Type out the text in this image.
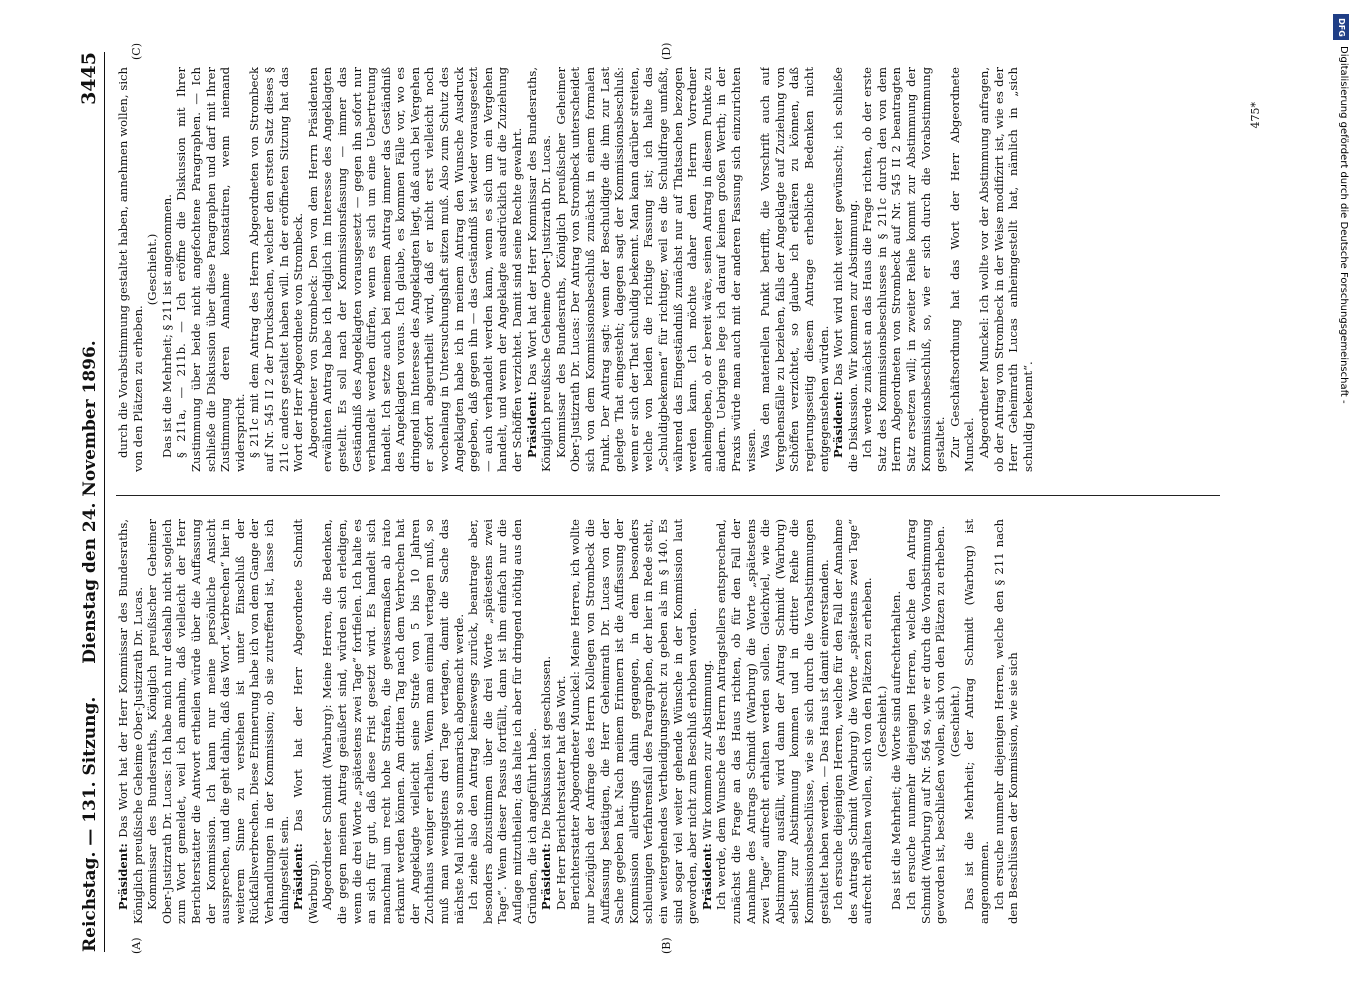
Reichstag. — 131. Sitzung.
Dienstag den 24. November 1896.
3445
(A)	(B)
(C)	(D)

Präsident: Das Wort hat der Herr Kommissar des Bundesraths, Königlich preußische Geheime Ober-Justizrath Dr. Lucas. Kommissar des Bundesraths, Königlich preußischer Geheimer Ober-Justizrath Dr. Lucas: Ich habe mich nur deshalb nicht sogleich zum Wort gemeldet, weil ich annahm, daß vielleicht der Herr Berichterstatter die Antwort ertheilen würde über die Auffassung der Kommission. Ich kann nur meine persönliche Ansicht aussprechen, und die geht dahin, daß das Wort „Verbrechen“ hier in weiterem Sinne zu verstehen ist unter Einschluß der Rückfallsverbrechen. Diese Erinnerung habe ich von dem Gange der Verhandlungen in der Kommission; ob sie zutreffend ist, lasse ich dahingestellt sein. Präsident: Das Wort hat der Herr Abgeordnete Schmidt (Warburg). Abgeordneter Schmidt (Warburg): Meine Herren, die Bedenken, die gegen meinen Antrag geäußert sind, würden sich erledigen, wenn die drei Worte „spätestens zwei Tage“ fortfielen. Ich halte es an sich für gut, daß diese Frist gesetzt wird. Es handelt sich manchmal um recht hohe Strafen, die gewissermaßen ab irato erkannt werden können. Am dritten Tag nach dem Verbrechen hat der Angeklagte vielleicht seine Strafe von 5 bis 10 Jahren Zuchthaus weniger erhalten. Wenn man einmal vertagen muß, so muß man wenigstens drei Tage vertagen, damit die Sache das nächste Mal nicht so summarisch abgemacht werde. Ich ziehe also den Antrag keineswegs zurück, beantrage aber, besonders abzustimmen über die drei Worte „spätestens zwei Tage“. Wenn dieser Passus fortfällt, dann ist ihm einfach nur die Auflage mitzutheilen; das halte ich aber für dringend nöthig aus den Gründen, die ich angeführt habe. Präsident: Die Diskussion ist geschlossen. Der Herr Berichterstatter hat das Wort. Berichterstatter Abgeordneter Munckel: Meine Herren, ich wollte nur bezüglich der Anfrage des Herrn Kollegen von Strombeck die Auffassung bestätigen, die Herr Geheimrath Dr. Lucas von der Sache gegeben hat. Nach meinem Erinnern ist die Auffassung der Kommission allerdings dahin gegangen, in dem besonders schleunigen Verfahrensfall des Paragraphen, der hier in Rede steht, ein weitergehendes Vertheidigungsrecht zu geben als im § 140. Es sind sogar viel weiter gehende Wünsche in der Kommission laut geworden, aber nicht zum Beschluß erhoben worden. Präsident: Wir kommen zur Abstimmung. Ich werde, dem Wunsche des Herrn Antragstellers entsprechend, zunächst die Frage an das Haus richten, ob für den Fall der Annahme des Antrags Schmidt (Warburg) die Worte „spätestens zwei Tage“ aufrecht erhalten werden sollen. Gleichviel, wie die Abstimmung ausfällt, wird dann der Antrag Schmidt (Warburg) selbst zur Abstimmung kommen und in dritter Reihe die Kommissionsbeschlüsse, wie sie sich durch die Vorabstimmungen gestaltet haben werden. — Das Haus ist damit einverstanden. Ich ersuche diejenigen Herren, welche für den Fall der Annahme des Antrags Schmidt (Warburg) die Worte „spätestens zwei Tage“ aufrecht erhalten wollen, sich von den Plätzen zu erheben. (Geschieht.) Das ist die Mehrheit; die Worte sind aufrechterhalten. Ich ersuche nunmehr diejenigen Herren, welche den Antrag Schmidt (Warburg) auf Nr. 564 so, wie er durch die Vorabstimmung geworden ist, beschließen wollen, sich von den Plätzen zu erheben. (Geschieht.) Das ist die Mehrheit; der Antrag Schmidt (Warburg) ist angenommen. Ich ersuche nunmehr diejenigen Herren, welche den § 211 nach den Beschlüssen der Kommission, wie sie sich

durch die Vorabstimmung gestaltet haben, annehmen wollen, sich von den Plätzen zu erheben.

(Geschieht.) Das ist die Mehrheit; § 211 ist angenommen. § 211a, — 211b. — Ich eröffne die Diskussion mit Ihrer Zustimmung über beide nicht angefochtene Paragraphen. — Ich schließe die Diskussion über diese Paragraphen und darf mit Ihrer Zustimmung deren Annahme konstatiren, wenn niemand widerspricht. § 211c mit dem Antrag des Herrn Abgeordneten von Strombeck auf Nr. 545 II 2 der Drucksachen, welcher den ersten Satz dieses § 211c anders gestaltet haben will. In der eröffneten Sitzung hat das Wort der Herr Abgeordnete von Strombeck. Abgeordneter von Strombeck: Den von dem Herrn Präsidenten erwähnten Antrag habe ich lediglich im Interesse des Angeklagten gestellt. Es soll nach der Kommissionsfassung — immer das Geständniß des Angeklagten vorausgesetzt — gegen ihn sofort nur verhandelt werden dürfen, wenn es sich um eine Uebertretung handelt. Ich setze auch bei meinem Antrag immer das Geständniß des Angeklagten voraus. Ich glaube, es kommen Fälle vor, wo es dringend im Interesse des Angeklagten liegt, daß auch bei Vergehen er sofort abgeurtheilt wird, daß er nicht erst vielleicht noch wochenlang in Untersuchungshaft sitzen muß. Also zum Schutz des Angeklagten habe ich in meinem Antrag den Wunsche Ausdruck gegeben, daß gegen ihn — das Geständniß ist wieder vorausgesetzt — auch verhandelt werden kann, wenn es sich um ein Vergehen handelt, und wenn der Angeklagte ausdrücklich auf die Zuziehung der Schöffen verzichtet. Damit sind seine Rechte gewahrt. Präsident: Das Wort hat der Herr Kommissar des Bundesraths, Königlich preußische Geheime Ober-Justizrath Dr. Lucas. Kommissar des Bundesraths, Königlich preußischer Geheimer Ober-Justizrath Dr. Lucas: Der Antrag von Strombeck unterscheidet sich von dem Kommissionsbeschluß zunächst in einem formalen Punkt. Der Antrag sagt: wenn der Beschuldigte die ihm zur Last gelegte That eingesteht; dagegen sagt der Kommissionsbeschluß: wenn er sich der That schuldig bekennt. Man kann darüber streiten, welche von beiden die richtige Fassung ist; ich halte das „Schuldigbekennen“ für richtiger, weil es die Schuldfrage umfaßt, während das Eingeständniß zunächst nur auf Thatsachen bezogen werden kann. Ich möchte daher dem Herrn Vorredner anheimgeben, ob er bereit wäre, seinen Antrag in diesem Punkte zu ändern. Uebrigens lege ich darauf keinen großen Werth; in der Praxis würde man auch mit der anderen Fassung sich einzurichten wissen. Was den materiellen Punkt betrifft, die Vorschrift auch auf Vergehensfälle zu beziehen, falls der Angeklagte auf Zuziehung von Schöffen verzichtet, so glaube ich erklären zu können, daß regierungsseitig diesem Antrage erhebliche Bedenken nicht entgegenstehen würden. Präsident: Das Wort wird nicht weiter gewünscht; ich schließe die Diskussion. Wir kommen zur Abstimmung. Ich werde zunächst an das Haus die Frage richten, ob der erste Satz des Kommissionsbeschlusses in § 211c durch den von dem Herrn Abgeordneten von Strombeck auf Nr. 545 II 2 beantragten Satz ersetzen will; in zweiter Reihe kommt zur Abstimmung der Kommissionsbeschluß, so, wie er sich durch die Vorabstimmung gestaltet. Zur Geschäftsordnung hat das Wort der Herr Abgeordnete Munckel. Abgeordneter Munckel: Ich wollte vor der Abstimmung anfragen, ob der Antrag von Strombeck in der Weise modifizirt ist, wie es der Herr Geheimrath Lucas anheimgestellt hat, nämlich in „sich schuldig bekennt“.

475*
DFG
Digitalisierung gefördert durch die Deutsche Forschungsgemeinschaft -
